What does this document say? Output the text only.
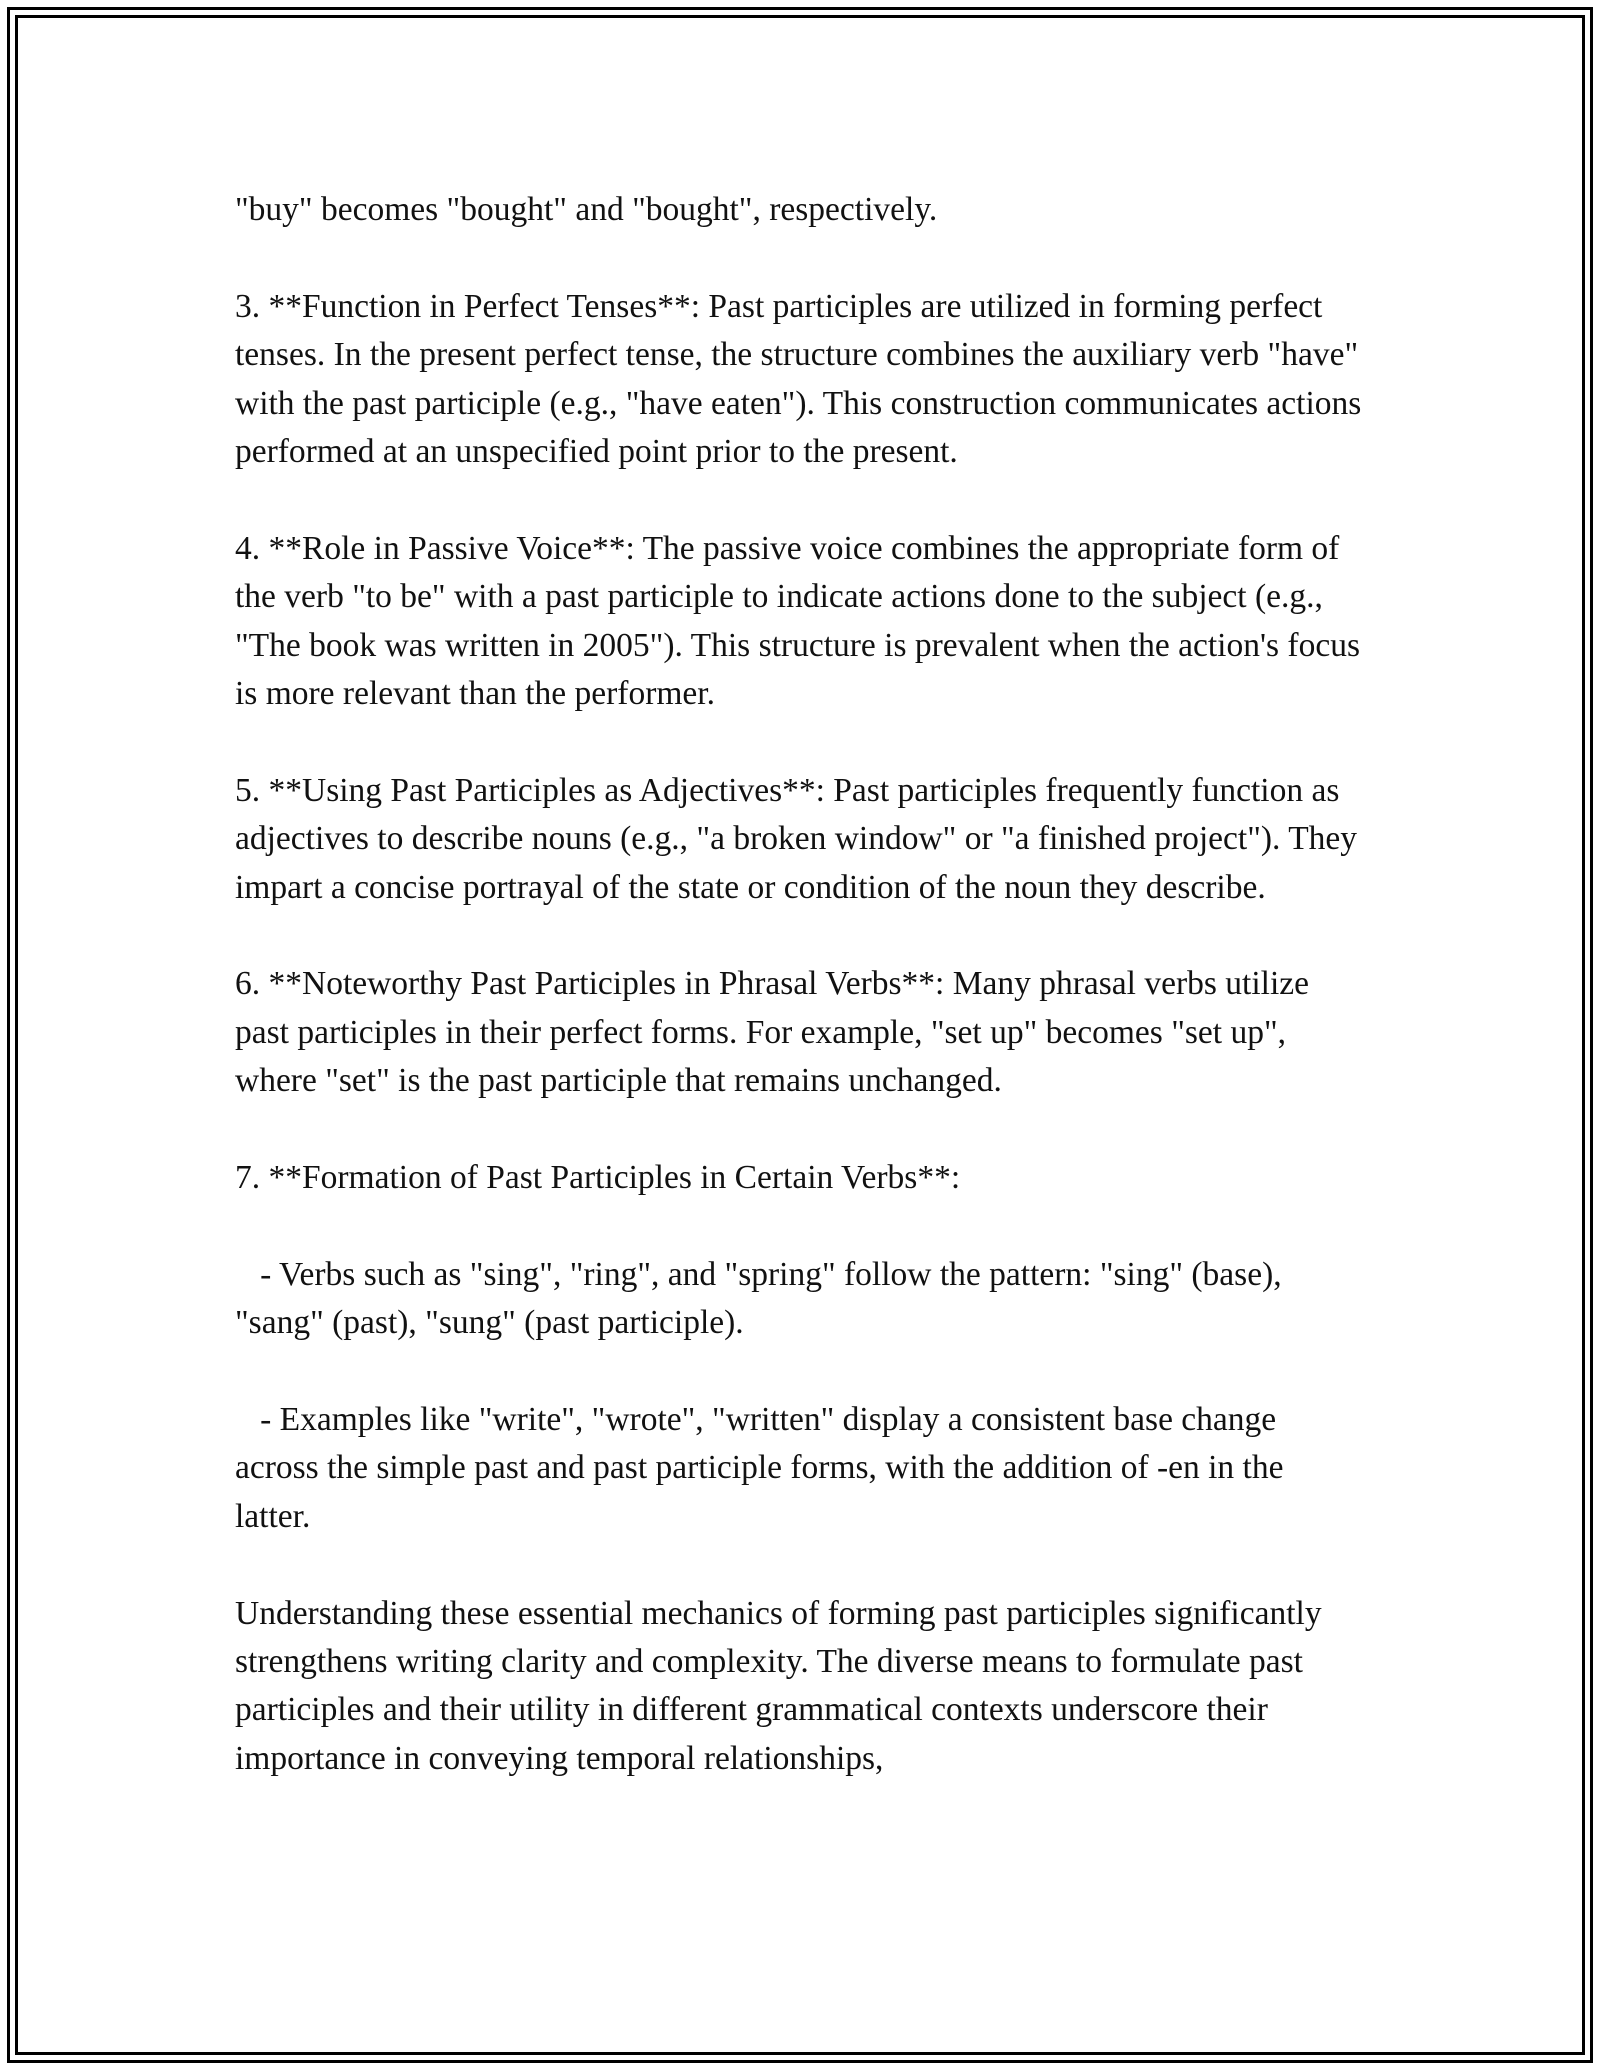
"buy" becomes "bought" and "bought", respectively.

3. **Function in Perfect Tenses**: Past participles are utilized in forming perfect tenses. In the present perfect tense, the structure combines the auxiliary verb "have" with the past participle (e.g., "have eaten"). This construction communicates actions performed at an unspecified point prior to the present.

4. **Role in Passive Voice**: The passive voice combines the appropriate form of the verb "to be" with a past participle to indicate actions done to the subject (e.g., "The book was written in 2005"). This structure is prevalent when the action's focus is more relevant than the performer.

5. **Using Past Participles as Adjectives**: Past participles frequently function as adjectives to describe nouns (e.g., "a broken window" or "a finished project"). They impart a concise portrayal of the state or condition of the noun they describe.

6. **Noteworthy Past Participles in Phrasal Verbs**: Many phrasal verbs utilize past participles in their perfect forms. For example, "set up" becomes "set up", where "set" is the past participle that remains unchanged.

7. **Formation of Past Participles in Certain Verbs**:

- Verbs such as "sing", "ring", and "spring" follow the pattern: "sing" (base), "sang" (past), "sung" (past participle).

- Examples like "write", "wrote", "written" display a consistent base change across the simple past and past participle forms, with the addition of -en in the latter.

Understanding these essential mechanics of forming past participles significantly strengthens writing clarity and complexity. The diverse means to formulate past participles and their utility in different grammatical contexts underscore their importance in conveying temporal relationships,
